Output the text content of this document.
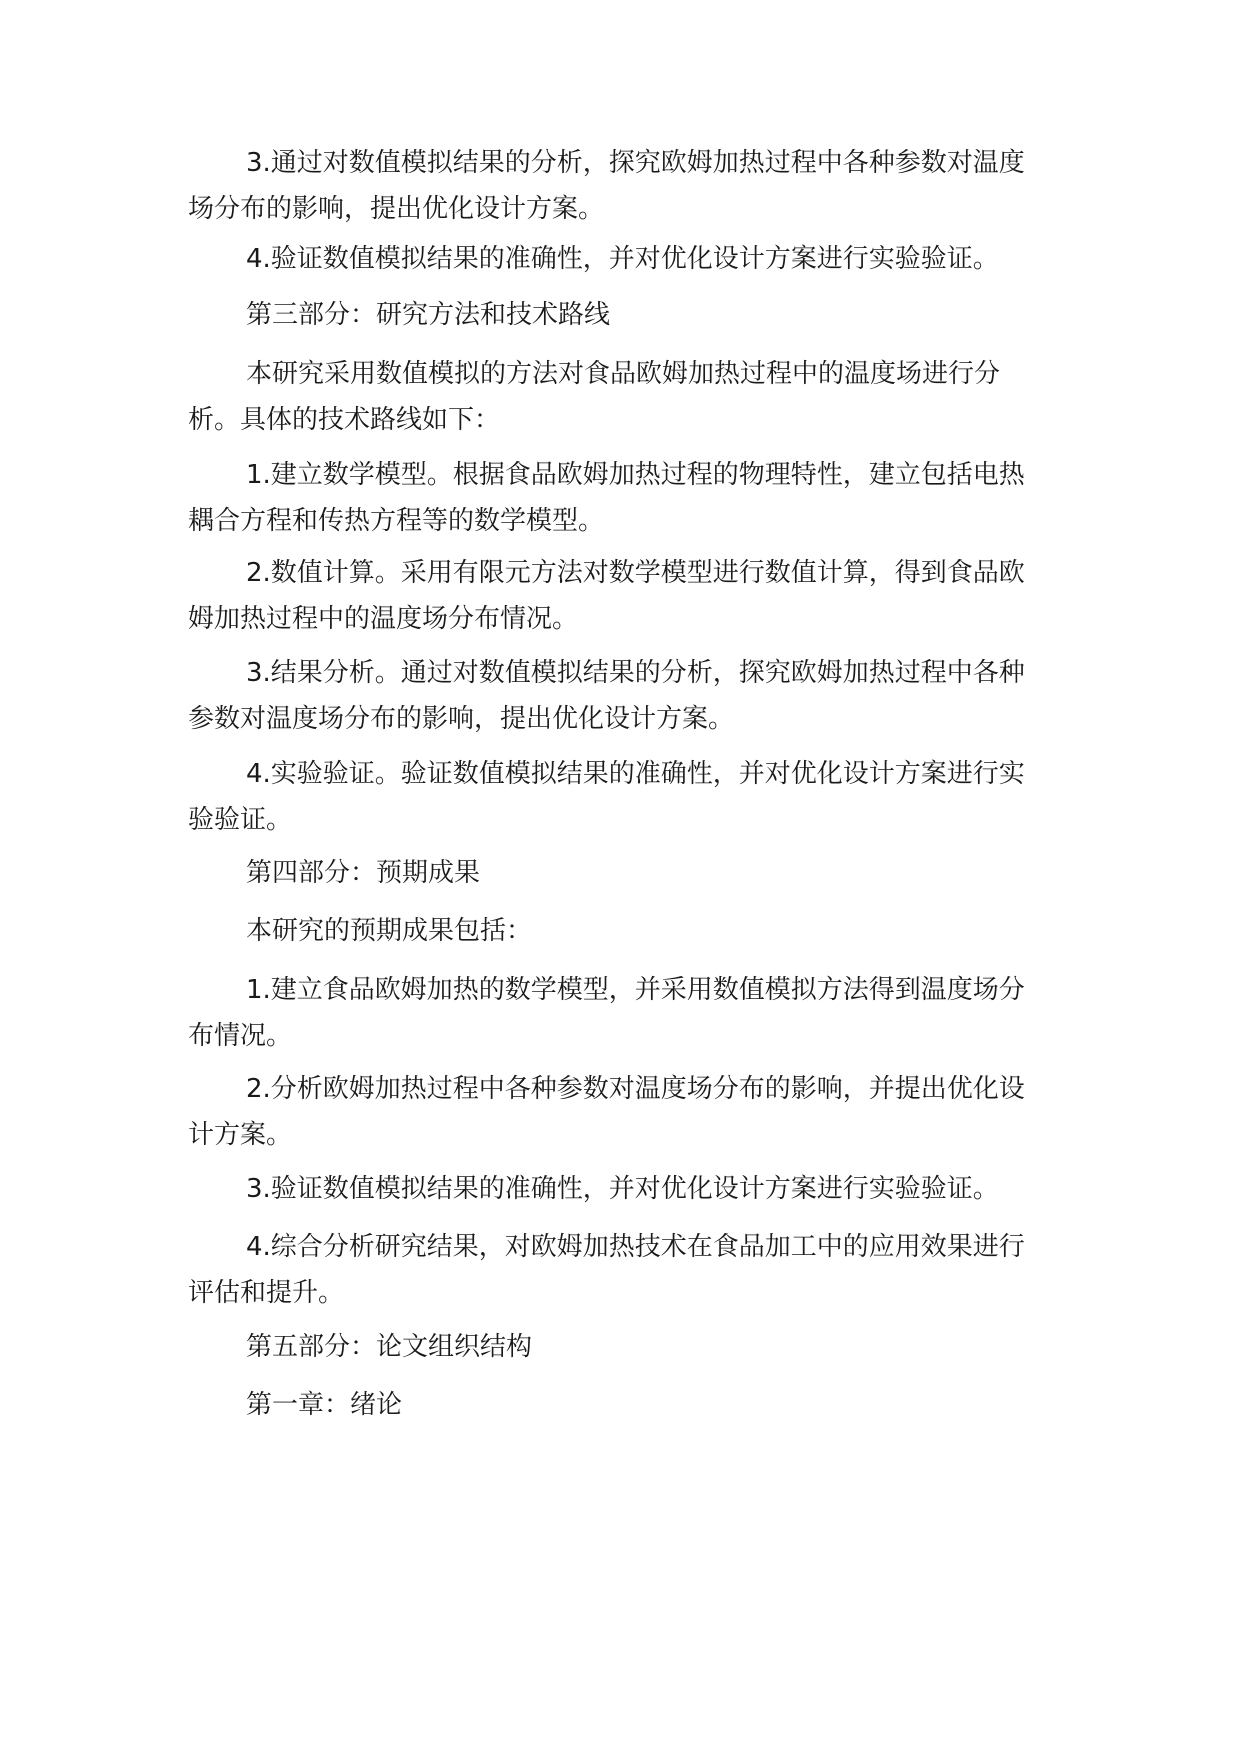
3.通过对数值模拟结果的分析，探究欧姆加热过程中各种参数对温度场分布的影响，提出优化设计方案。

4.验证数值模拟结果的准确性，并对优化设计方案进行实验验证。

第三部分：研究方法和技术路线

本研究采用数值模拟的方法对食品欧姆加热过程中的温度场进行分析。具体的技术路线如下：

1.建立数学模型。根据食品欧姆加热过程的物理特性，建立包括电热耦合方程和传热方程等的数学模型。

2.数值计算。采用有限元方法对数学模型进行数值计算，得到食品欧姆加热过程中的温度场分布情况。

3.结果分析。通过对数值模拟结果的分析，探究欧姆加热过程中各种参数对温度场分布的影响，提出优化设计方案。

4.实验验证。验证数值模拟结果的准确性，并对优化设计方案进行实验验证。

第四部分：预期成果

本研究的预期成果包括：

1.建立食品欧姆加热的数学模型，并采用数值模拟方法得到温度场分布情况。

2.分析欧姆加热过程中各种参数对温度场分布的影响，并提出优化设计方案。

3.验证数值模拟结果的准确性，并对优化设计方案进行实验验证。

4.综合分析研究结果，对欧姆加热技术在食品加工中的应用效果进行评估和提升。

第五部分：论文组织结构

第一章：绪论
